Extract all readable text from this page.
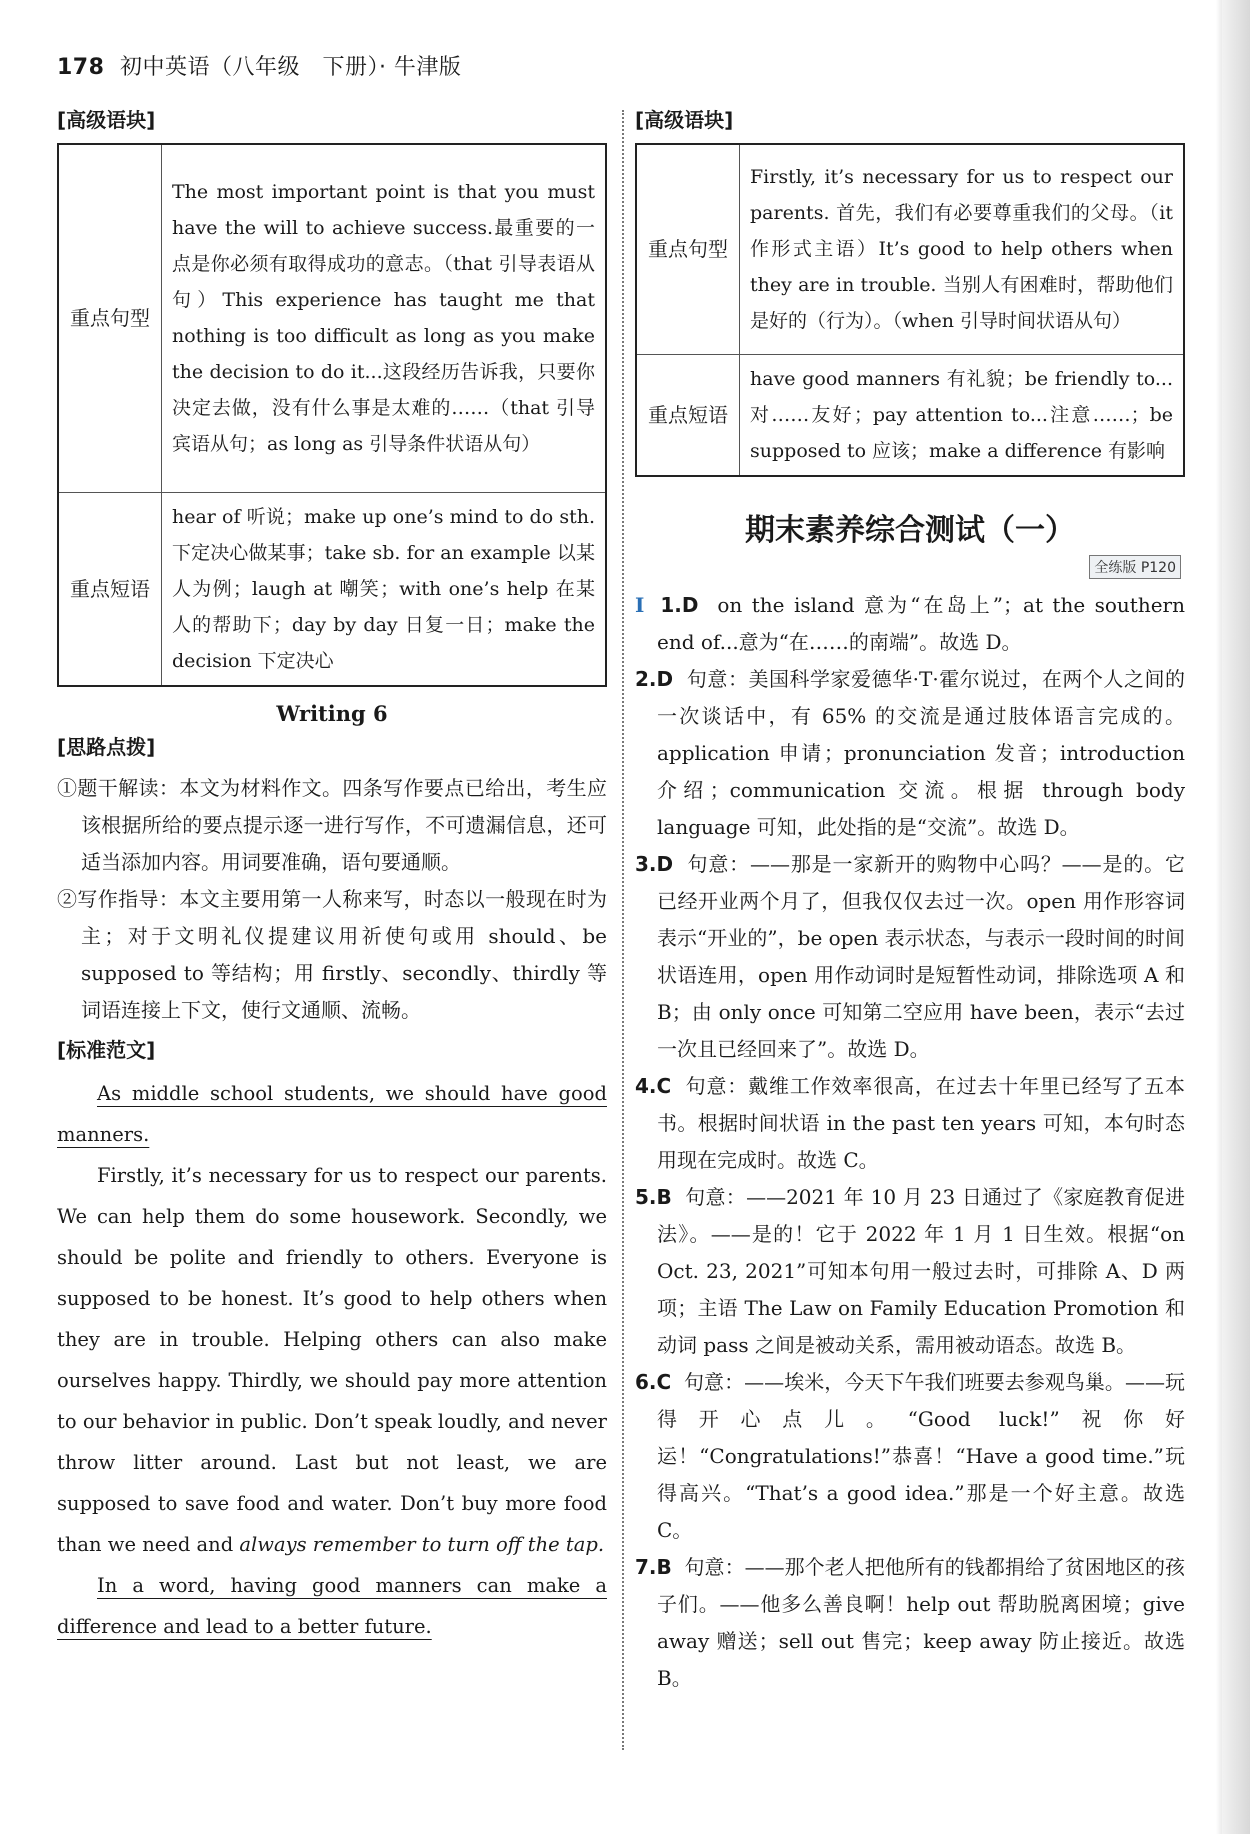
178 初中英语（八年级　下册）· 牛津版
[高级语块]
重点句型	The most important point is that you must have the will to achieve success.最重要的一点是你必须有取得成功的意志。（that 引导表语从句）This experience has taught me that nothing is too difficult as long as you make the decision to do it...这段经历告诉我，只要你决定去做，没有什么事是太难的……（that 引导宾语从句；as long as 引导条件状语从句）
重点短语	hear of 听说；make up one’s mind to do sth. 下定决心做某事；take sb. for an example 以某人为例；laugh at 嘲笑；with one’s help 在某人的帮助下；day by day 日复一日；make the decision 下定决心
Writing 6
[思路点拨]

①题干解读：本文为材料作文。四条写作要点已给出，考生应该根据所给的要点提示逐一进行写作，不可遗漏信息，还可适当添加内容。用词要准确，语句要通顺。

②写作指导：本文主要用第一人称来写，时态以一般现在时为主；对于文明礼仪提建议用祈使句或用 should、be supposed to 等结构；用 firstly、secondly、thirdly 等词语连接上下文，使行文通顺、流畅。

[标准范文]

As middle school students, we should have good manners.

Firstly, it’s necessary for us to respect our parents. We can help them do some housework. Secondly, we should be polite and friendly to others. Everyone is supposed to be honest. It’s good to help others when they are in trouble. Helping others can also make ourselves happy. Thirdly, we should pay more attention to our behavior in public. Don’t speak loudly, and never throw litter around. Last but not least, we are supposed to save food and water. Don’t buy more food than we need and always remember to turn off the tap.

In a word, having good manners can make a difference and lead to a better future.

[高级语块]
重点句型	Firstly, it’s necessary for us to respect our parents. 首先，我们有必要尊重我们的父母。（it 作形式主语）It’s good to help others when they are in trouble. 当别人有困难时，帮助他们是好的（行为）。（when 引导时间状语从句）
重点短语	have good manners 有礼貌；be friendly to... 对……友好；pay attention to...注意……；be supposed to 应该；make a difference 有影响
期末素养综合测试（一）
全练版 P120

I 1.D on the island 意为“在岛上”；at the southern end of...意为“在……的南端”。故选 D。

2.D 句意：美国科学家爱德华·T·霍尔说过，在两个人之间的一次谈话中，有 65% 的交流是通过肢体语言完成的。application 申请；pronunciation 发音；introduction 介绍；communication 交流。根据 through body language 可知，此处指的是“交流”。故选 D。

3.D 句意：——那是一家新开的购物中心吗？——是的。它已经开业两个月了，但我仅仅去过一次。open 用作形容词表示“开业的”，be open 表示状态，与表示一段时间的时间状语连用，open 用作动词时是短暂性动词，排除选项 A 和 B；由 only once 可知第二空应用 have been，表示“去过一次且已经回来了”。故选 D。

4.C 句意：戴维工作效率很高，在过去十年里已经写了五本书。根据时间状语 in the past ten years 可知，本句时态用现在完成时。故选 C。

5.B 句意：——2021 年 10 月 23 日通过了《家庭教育促进法》。——是的！它于 2022 年 1 月 1 日生效。根据“on Oct. 23, 2021”可知本句用一般过去时，可排除 A、D 两项；主语 The Law on Family Education Promotion 和动词 pass 之间是被动关系，需用被动语态。故选 B。

6.C 句意：——埃米，今天下午我们班要去参观鸟巢。——玩得开心点儿。“Good luck!”祝你好运！“Congratulations!”恭喜！“Have a good time.”玩得高兴。“That’s a good idea.”那是一个好主意。故选 C。

7.B 句意：——那个老人把他所有的钱都捐给了贫困地区的孩子们。——他多么善良啊！help out 帮助脱离困境；give away 赠送；sell out 售完；keep away 防止接近。故选 B。
